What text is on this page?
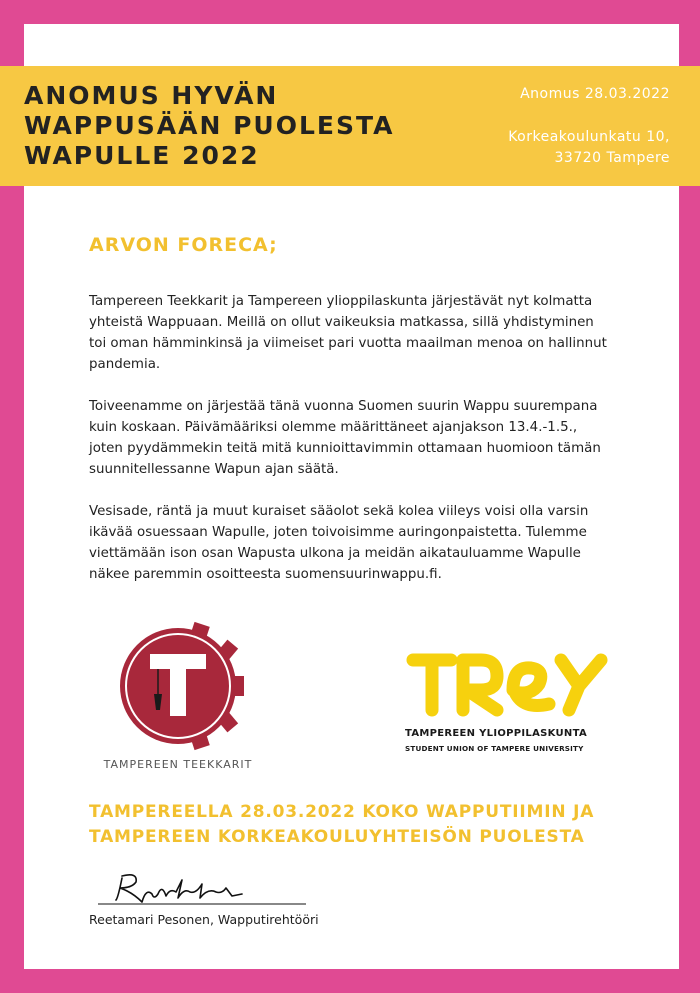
ANOMUS HYVÄN
WAPPUSÄÄN PUOLESTA
WAPULLE 2022
Anomus 28.03.2022
Korkeakoulunkatu 10,
33720 Tampere
ARVON FORECA;

Tampereen Teekkarit ja Tampereen ylioppilaskunta järjestävät nyt kolmatta yhteistä Wappuaan. Meillä on ollut vaikeuksia matkassa, sillä yhdistyminen toi oman hämminkinsä ja viimeiset pari vuotta maailman menoa on hallinnut pandemia.

Toiveenamme on järjestää tänä vuonna Suomen suurin Wappu suurempana kuin koskaan. Päivämääriksi olemme määrittäneet ajanjakson 13.4.-1.5., joten pyydämmekin teitä mitä kunnioittavimmin ottamaan huomioon tämän suunnitellessanne Wapun ajan säätä.

Vesisade, räntä ja muut kuraiset sääolot sekä kolea viileys voisi olla varsin ikävää osuessaan Wapulle, joten toivoisimme auringonpaistetta. Tulemme viettämään ison osan Wapusta ulkona ja meidän aikatauluamme Wapulle näkee paremmin osoitteesta suomensuurinwappu.fi.

TAMPEREEN TEEKKARIT
TAMPEREEN YLIOPPILASKUNTA
STUDENT UNION OF TAMPERE UNIVERSITY
TAMPEREELLA 28.03.2022 KOKO WAPPUTIIMIN JA
TAMPEREEN KORKEAKOULUYHTEISÖN PUOLESTA
Reetamari Pesonen, Wapputirehtööri
